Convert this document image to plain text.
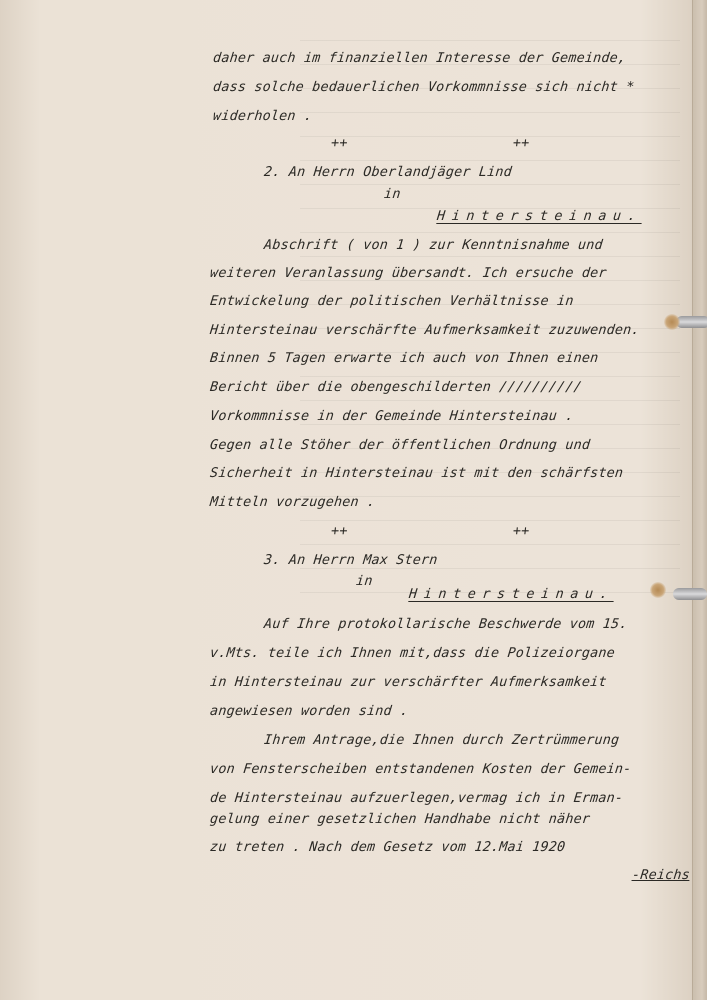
daher auch im finanziellen Interesse der Gemeinde,
dass solche bedauerlichen Vorkommnisse sich nicht *
widerholen .
++                    ++
2. An Herrn Oberlandjäger Lind
in
Hintersteinau.
Abschrift ( von 1 ) zur Kenntnisnahme und
weiteren Veranlassung übersandt. Ich ersuche der
Entwickelung der politischen Verhältnisse in
Hintersteinau verschärfte Aufmerksamkeit zuzuwenden.
Binnen 5 Tagen erwarte ich auch von Ihnen einen
Bericht über die obengeschilderten //////////
Vorkommnisse in der Gemeinde Hintersteinau .
Gegen alle Stöher der öffentlichen Ordnung und
Sicherheit in Hintersteinau ist mit den schärfsten
Mitteln vorzugehen .
++                    ++
3. An Herrn Max Stern
in
Hintersteinau.
Auf Ihre protokollarische Beschwerde vom 15.
v.Mts. teile ich Ihnen mit,dass die Polizeiorgane
in Hintersteinau zur verschärfter Aufmerksamkeit
angewiesen worden sind .
Ihrem Antrage,die Ihnen durch Zertrümmerung
von Fensterscheiben entstandenen Kosten der Gemein-
de Hintersteinau aufzuerlegen,vermag ich in Erman-
gelung einer gesetzlichen Handhabe nicht näher
zu treten . Nach dem Gesetz vom 12.Mai 1920
-Reichs
